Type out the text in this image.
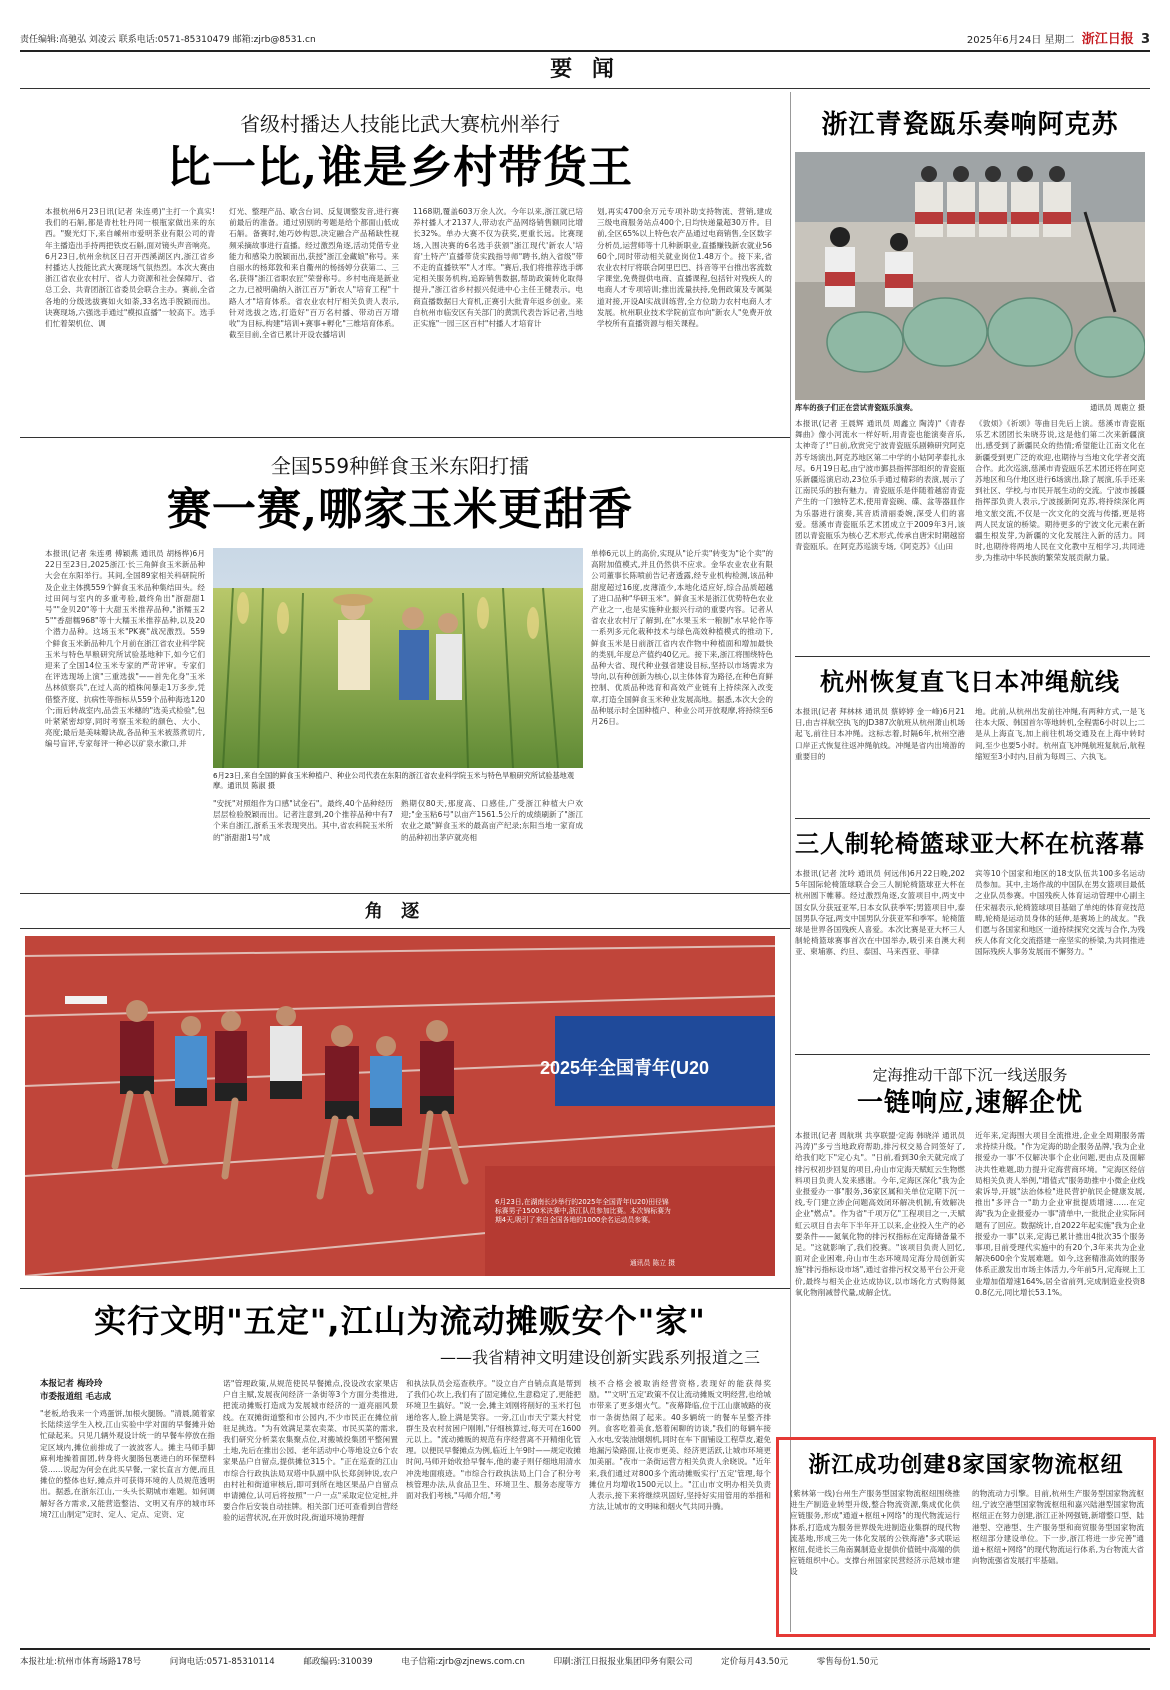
责任编辑:高驰弘 刘凌云 联系电话:0571-85310479 邮箱:zjrb@8531.cn	2025年6月24日 星期二 浙江日报 3
要 闻
省级村播达人技能比武大赛杭州举行
比一比,谁是乡村带货王
本报杭州6月23日讯(记者 朱连勇)"主打一个真实!我们的石斛,都是青杜牡丹同一根瓶家做出来的东西。"聚光灯下,来自嵊州市爱明茶业有限公司的青年主播造出手持两把铁皮石斛,面对镜头声音响亮。6月23日,杭州余杭区日召开西溪湖区内,浙江省乡村播达人技能比武大赛现场气氛热烈。本次大赛由浙江省农业农村厅、省人力资源和社会保障厅、省总工会、共青团浙江省委员会联合主办。赛前,全省各地的分级选拔赛如火如荼,33名选手脱颖而出。诀赛现场,六强选手通过"模拟直播"一较高下。选手们忙着架机位、调
灯光、整理产品、歇含台词、反复调整发音,进行赛前最后的准备。通过别别的考题是给个都面山低成石斛。备赛时,她巧妙构思,决定融合产品稀缺性视频采摘故事进行直播。经过激烈角逐,活动凭借专业能力和感染力脱颖而出,获授"浙江金藏娘"称号。来自丽水的杨郑敦和来自衢州的杨扬婷分获第二、三名,获得"浙江省职农匠"荣誉称号。乡村电商是新业之力,已被明确纳入浙江百万"新农人"培育工程"十路人才"培育体系。省农业农村厅相关负责人表示,针对选拔之选,打造好"百万名村播、带动百万增收"为目标,构建"培训+赛事+孵化"三维培育体系。截至目前,全省已累计开设农播培训
1168期,覆盖603万余人次。今年以来,浙江就已培养村播人才2137人,带动农产品网络销售额同比增长32%。单办大赛不仅为获奖,更重长远。比赛现场,入围决赛的6名选手获颁"浙江现代'新农人'培育'土特产'直播带货实践指导师"聘书,纳入省级"带不走的直播铁军"人才库。"赛后,我们将推荐选手绑定相关服务机构,追踪销售数据,帮助政策转化取得提升,"浙江省乡村振兴促进中心主任王健表示。电商直播数据日大育机,正赛引大批青年返乡创业。来自杭州市临安区有关部门的黄凯代表告诉记者,当地正实施"一园三区百村"村播人才培育计
划,再实4700余万元专项补助支持物流、营销,建成三级电商服务站点400个,日均快递量超30万件。目前,全区65%以上特色农产品通过电商销售,全区数字分析员,运营师等十几种新职业,直播赚钱新农就业5660个,同时带动相关就业岗位1.48万个。接下来,省农业农村厅将联合阿里巴巴、抖音等平台推出客流数字课堂,免费提供电商、直播课程,包括针对残疾人的电商人才专项培训;推出流量扶持,免佣政策及专属渠道对接,开设AI实战训练营,全方位助力农村电商人才发展。杭州职业技术学院前宣布向"新农人"免费开放学校所有直播资源与相关课程。
全国559种鲜食玉米东阳打擂
赛一赛,哪家玉米更甜香
本报讯(记者 朱连勇 傅颖燕 通讯员 胡杨桦)6月22日至23日,2025浙江·长三角鲜食玉米新品种大会在东阳举行。其间,全国89家相关科研院所及企业主体携559个鲜食玉米品种集结田头。经过田间与室内的多重考验,最终角出"浙甜甜1号""金贝20"等十大甜玉米推荐品种,"浙糯玉25""香甜糯968"等十大糯玉米推荐品种,以及20个潜力品种。这场玉米"PK赛"战况激烈。559个鲜食玉米新品种几个月前在浙江省农业科学院玉米与特色旱粮研究所试验基地种下,如今它们迎来了全国14位玉米专家的严苛评审。专家们在评选现场上演"三重选拔"——首先化身"玉米丛林侦察兵",在过人高的植株间暴走1万多步,凭借整齐度、抗病性等指标从559个品种海选120个;而后转战室内,品尝玉米穗的"选美式检验",包叶紧紧密却穿,同时考察玉米粒的颜色、大小、亮度;最后是美味瓣诀战,各品种玉米被蒸煮切片,编号盲评,专家每评一种必以矿泉水漱口,并
6月23日,来自全国的鲜食玉米种植户、种业公司代表在东阳的浙江省农业科学院玉米与特色旱粮研究所试验基地观摩。通讯员 陈淑 摄
"安抚"对照组作为口感"试金石"。最终,40个品种经历层层检验脱颖而出。记者注意到,20个推荐品种中有7个来自浙江,浙系玉米表现突出。其中,省农科院玉米所的"浙甜甜1号"成
熟期仅80天,那度高、口感佳,广受浙江种植大户欢迎;"金玉粘6号"以亩产1561.5公斤的成绩刷新了"浙江农业之最"鲜食玉米的最高亩产纪录;东阳当地一家育成的品种初出茅庐就亮相
单棒6元以上的高价,实现从"论斤卖"转变为"论个卖"的高附加值模式,并且仍然供不应求。金华农业农业有限公司董事长陈喷前告记者透露,经专业机构检测,该品种甜度超过16度,皮薄渣少,本地化适应好,综合品质超越了进口品种"华研玉米"。鲜食玉米是浙江优势特色农业产业之一,也是实施种业振兴行动的重要内容。记者从省农业农村厅了解到,在"水果玉米一粮制"水早轮作等一系列多元化栽种技术与绿色高效种植模式的推动下,鲜食玉米是日前浙江省内农作物中种植面和增加最快的类别,年度总产值约40亿元。接下来,浙江将围绕特色品种大省、现代种业强省建设目标,坚持以市场需求为导向,以有种创新为核心,以主体体育为路径,在种色育鲜控制、优质品种选育和高效产业链有上持续深入改变章,打造全国鲜食玉米种业发展高地。据悉,本次大会的品种展示时全国种植户、种业公司开放观摩,将持续至6月26日。
浙江青瓷瓯乐奏响阿克苏
库车的孩子们正在尝试青瓷瓯乐演奏。	通讯员 周鹿立 摄
本报讯(记者 王晨辉 通讯员 周鑫立 陶涛)"《青春舞曲》像小河流水一样好听,用青瓷也能演奏音乐,太神奇了!"日前,欣赏完宁波青瓷瓯乐剧赖研究阿克苏专场演出,阿克苏地区第二中学的小姑阿孝泰扎永尽。6月19日起,由宁波市鄞县指挥部组织的青瓷瓯乐新疆巡演启动,23位乐手通过精彩的表演,展示了江南民乐的独有魅力。青瓷瓯乐是伴随着越窑青瓷产生的一门独特艺术,使用青瓷碗、碟、盆等器皿作为乐器进行演奏,其音质清丽委婉,深受人们的喜爱。慈溪市青瓷瓯乐艺术团成立于2009年3月,该团以青瓷瓯乐为核心艺术形式,传承自唐宋时期越窑青瓷瓯乐。在阿克苏巡演专场,《阿克苏》《山田
《敦烦》《祈颂》等曲目先后上演。慈溪市青瓷瓯乐艺术团团长朱晓芬说,这是他们第二次来新疆演出,感受到了新疆民众的热情;希望能让江南文化在新疆受到更广泛的欢迎,也期待与当地文化学者交流合作。此次巡演,慈溪市青瓷瓯乐艺术团还将在阿克苏地区和乌什地区进行6场演出,除了展演,乐手还来到社区、学校,与市民开展生动的交流。宁波市援疆指挥部负责人表示,宁波援新阿克苏,将持续深化两地文旅交流,不仅是一次文化的交流与传播,更是将两人民友谊的桥梁。期待更多的宁波文化元素在新疆生根发芽,为新疆的文化发展注入新的活力。同时,也期待将两地人民在文化教中互相学习,共同进步,为推动中华民族的繁荣发展贡献力量。
杭州恢复直飞日本冲绳航线
本报讯(记者 拜林林 通讯员 蔡婷婷 金一峰)6月21日,由吉祥航空执飞的JD387次航班从杭州萧山机场起飞,前往日本冲绳。这标志着,时隔6年,杭州空港口岸正式恢复往返冲绳航线。冲绳是省内出境游的重要目的
地。此前,从杭州出发前往冲绳,有两种方式,一是飞往本大阪、韩国首尔等地转机,全程需6小时以上;二是从上海直飞,加上前往机场交通及在上海中转时间,至少也要5小时。杭州直飞冲绳航班复航后,航程缩短至3小时内,目前为每周三、六执飞。
三人制轮椅篮球亚大杯在杭落幕
本报讯(记者 沈吟 通讯员 何远伟)6月22日晚,2025年国际轮椅篮球联合会三人制轮椅篮球亚大杯在杭州圆下帷幕。经过激烈角逐,女篮项目中,两支中国女队分获冠亚军,日本女队获季军;男篮项目中,泰国男队夺冠,两支中国男队分获亚军和季军。轮椅篮球是世界各国残疾人喜爱。本次比赛是亚大杯三人制轮椅篮球赛事首次在中国举办,吸引来自澳大利亚、柬埔寨、约旦、泰国、马来西亚、菲律
宾等10个国家和地区的18支队伍共100多名运动员参加。其中,主场作战的中国队在男女篮项目最低之业队员参赛。中国残疾人体育运动管理中心副主任宋福表示,轮椅篮球项目基础了单纯的体育竞技范畴,轮椅是运动员身体的延伸,是赛场上的战友。"我们愿与各国家和地区一道持续探究交流与合作,为残疾人体育文化交流搭建一座坚实的桥梁,为共同推进国际残疾人事务发展而不懈努力。"
定海推动干部下沉一线送服务
一链响应,速解企忧
本报讯(记者 周航琪 共享联盟·定海 韩晓洋 通讯员 冯涛)"多亏当地政府帮助,排污权交易合同签好了,给我们吃下"定心丸"。"日前,看到30余天就完成了排污权初步回复的项目,舟山市定海天赋虹云生物燃料项目负责人发来感谢。今年,定海区深化"我为企业报爱办一事"服务,36家区属和关单位定期下沉一线,专门建立涉企问题高效闭环解决机制,有效解决企业"燃点"。作为省"千项万亿"工程项目之一,天赋虹云项目自去年下半年开工以来,企业投入生产的必要条件——氮氧化物的排污权指标在定海储备量不足。"这就影响了,我们投赛。"该项目负责人回忆,面对企业困难,舟山市生态环境局定海分局创新实施"排污指标设市场",通过省排污权交易平台公开竞价,最终与相关企业达成协议,以市场化方式购得氮氧化物削减替代量,成解企忧。
近年来,定海围大项目全流推进,企业全周期服务需求持续升级。"作为定海的助企服务品牌,'我为企业报爱办一事'不仅解决事个企业问题,更由点及面解决共性难题,助力提升定海营商环境。"定海区经信局相关负责人举例,"增值式"服务助推中小微企业线索诉导,开展"法治体检"进民营护航民企健康发展,推出"多评合一"助力企业审批提质增速……在定海"我为企业报爱办一事"清单中,一批批企业实际问题有了回应。数据统计,自2022年起实施"我为企业报爱办一事"以来,定海已累计推出4批次35个服务事项,目前受理代实施中的有20个,3年来共为企业解决600余个发展难题。如今,这套精准高效的服务体系正激发出市场主体活力,今年前5月,定海规上工业增加值增速164%,居全省前列,完成制造业投资80.8亿元,同比增长53.1%。
浙江成功创建8家国家物流枢纽
(紫林第一线)台州生产服务型国家物流枢纽围绕推进生产制造业转型升级,整合物流资源,集成优化供应链服务,形成"通道+枢纽+网络"的现代物流运行体系,打造成为服务世界级先进制造业集群的现代物流基地,形成三先一体化发展的公铁海港"多式联运枢纽,促进长三角南翼制造业提供价值链中高端的供应链组织中心。支撑台州国家民营经济示范城市建设
的物流动力引擎。目前,杭州生产服务型国家物流枢纽,宁波空港型国家物流枢纽和嘉兴陆港型国家物流枢纽正在努力创建,浙江正补网强链,新增整口型、陆港型、空港型、生产服务型和商贸服务型国家物流枢纽部分建设单位。下一步,浙江将进一步完善"通道+枢纽+网络"的现代物流运行体系,为台物流大省向物流强省发展打牢基础。
角 逐
2025年全国青年(U20
6月23日,在湖南长沙举行的2025年全国青年(U20)田径锦标赛男子1500米决赛中,浙江队员参加比赛。本次锦标赛为期4天,吸引了来自全国各地的1000余名运动员参赛。
通讯员 陈立 摄
实行文明"五定",江山为流动摊贩安个"家"
——我省精神文明建设创新实践系列报道之三
本报记者 梅玲玲
市委报道组 毛志成
"老板,给我来一个鸡蛋饼,加根火腿肠。"清晨,随着家长陆续送学生入校,江山实验中学对面的早餐摊升始忙碌起来。只见几辆外观设计统一的早餐车停放在指定区域内,摊位前排成了一波波客人。摊主马师手脚麻利地操着面团,转身将火腿肠包裹进白的环保塑料袋……说起为何会在此买早餐,一家长直言方便,而且摊位的整体也好,摊点并可获得环境的人员规范透明出。据悉,在浙东江山,一头头长期城市难题。如何调解好各方需求,又能营造整洁、文明又有序的城市环境?江山制定"定时、定人、定点、定资、定
诺"管理政策,从规范使民早餐摊点,没设改农家果店户自主赋,发展夜间经济一条街等3个方面分类推进,把流动摊贩打造成为发展城市经济的一道亮丽风景线。在双摊街道整和市公园内,不少市民正在摊位前驻足挑选。"为有效满足菜农卖菜、市民买菜的需求,我们研究分析菜农集聚点位,对搬城投集团平整闲置土地,先后在推出公园、老年活动中心等地设立6个农家果品户自留点,提供摊位315个。"正在巡查的江山市综合行政执法局双塔中队副中队长郑剑钟说,农户由村社和街道审核后,即可到所在地区果品户自留点申请摊位,认可后将按照"一户一点"采取定位定桩,并要合作后安装自动挂牌。相关部门还可查看到自营经验的运营状况,在开放时段,街道环境协理督
和执法队员会巡查秩序。"设立自产自销点真是帮到了我们心坎上,我们有了固定摊位,生意稳定了,更能把环境卫生搞好。"说一会,摊主刘刚将削好的玉米打包递给客人,脸上满是笑容。一旁,江山市天宁菜大村党群生及农村贫困户刚刚,"仔细核算过,每天可在1600元以上。"流动摊贩的规范有序经营离不开精细化管理。以便民早餐摊点为例,临近上午9时——规定收摊时间,马师开始收拾早餐车,他的妻子则仔细地用清水冲洗地面痕迹。"市综合行政执法局上门合了积分考核管理办法,从食品卫生、环境卫生、服务态度等方面对我们考核,"马师介绍,"考
核不合格会被取消经营资格,表现好的能获得奖励。""文明'五定'政策不仅让流动摊贩文明经营,也给城市带来了更多烟火气。"夜幕降临,位于江山康城路的夜市一条街热闹了起来。40多辆统一的餐车呈整齐排列。食客吃着美食,悠着闲聊的访谈,"我们的每辆车接入水电,安装油烟烟机,同时在车下面铺设工程草皮,避免地漏污染路面,让夜市更美、经济更活跃,让城市环境更加美丽。"夜市一条街运营方相关负责人余晓说。"近年来,我们通过对800多个流动摊贩实行'五定'管理,每个摊位月均增收1500元以上。"江山市文明办相关负责人表示,接下来将继续巩固好,坚持好实用管用的举措和方法,让城市的文明味和烟火气共同升腾。
本报社址:杭州市体育场路178号	问询电话:0571-85310114	邮政编码:310039	电子信箱:zjrb@zjnews.com.cn	印刷:浙江日报报业集团印务有限公司	定价每月43.50元	零售每份1.50元
